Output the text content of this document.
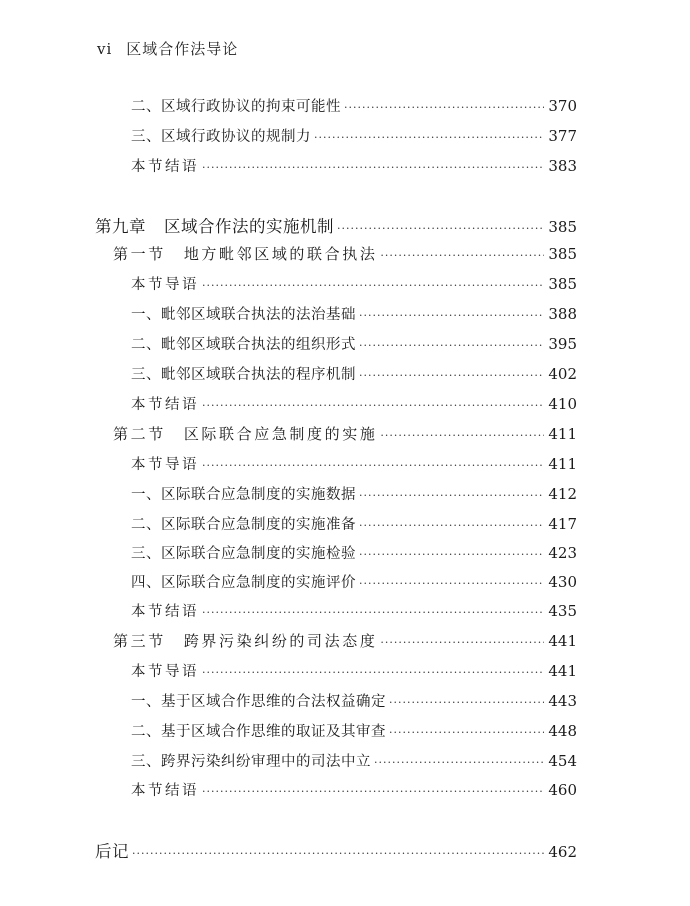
vi 区域合作法导论
二、区域行政协议的拘束可能性 ·····	370
三、区域行政协议的规制力 ·····	377
本节结语 ·····	383
第九章 区域合作法的实施机制 ·····	385
第一节 地方毗邻区域的联合执法 ·····	385
本节导语 ·····	385
一、毗邻区域联合执法的法治基础 ·····	388
二、毗邻区域联合执法的组织形式 ·····	395
三、毗邻区域联合执法的程序机制 ·····	402
本节结语 ·····	410
第二节 区际联合应急制度的实施 ·····	411
本节导语 ·····	411
一、区际联合应急制度的实施数据 ·····	412
二、区际联合应急制度的实施准备 ·····	417
三、区际联合应急制度的实施检验 ·····	423
四、区际联合应急制度的实施评价 ·····	430
本节结语 ·····	435
第三节 跨界污染纠纷的司法态度 ·····	441
本节导语 ·····	441
一、基于区域合作思维的合法权益确定 ·····	443
二、基于区域合作思维的取证及其审查 ·····	448
三、跨界污染纠纷审理中的司法中立 ·····	454
本节结语 ·····	460
后记 ·····	462
